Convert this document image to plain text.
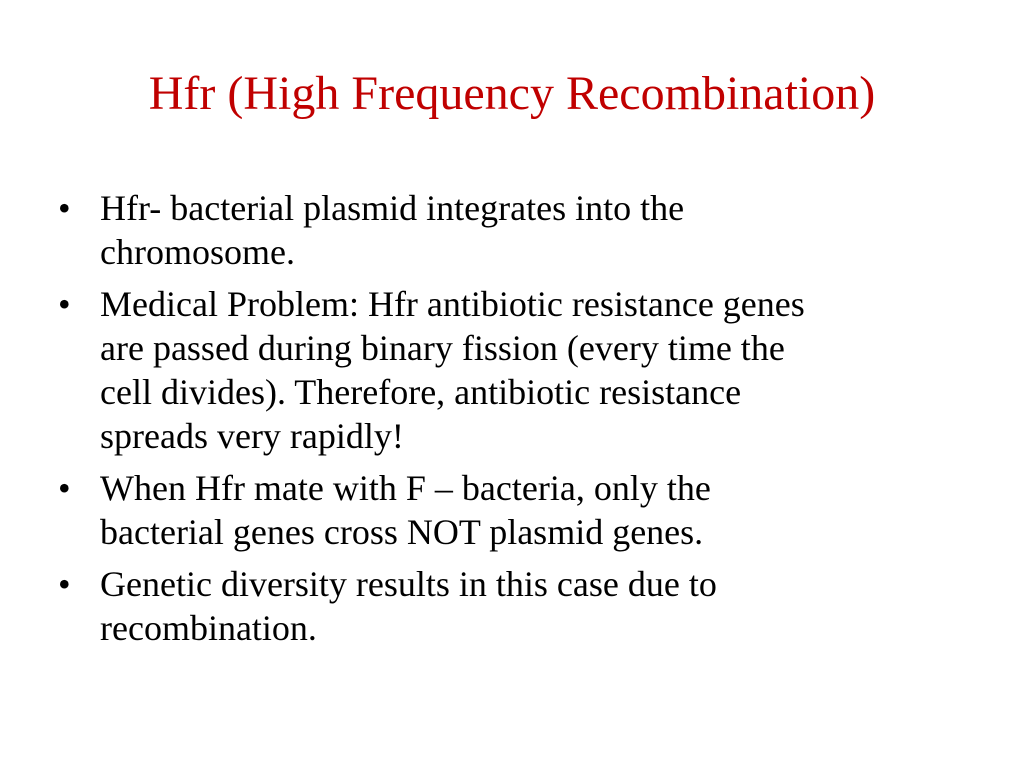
Hfr (High Frequency Recombination)
• Hfr- bacterial plasmid integrates into the
chromosome.
• Medical Problem: Hfr antibiotic resistance genes
are passed during binary fission (every time the
cell divides). Therefore, antibiotic resistance
spreads very rapidly!
• When Hfr mate with F – bacteria, only the
bacterial genes cross NOT plasmid genes.
• Genetic diversity results in this case due to
recombination.
